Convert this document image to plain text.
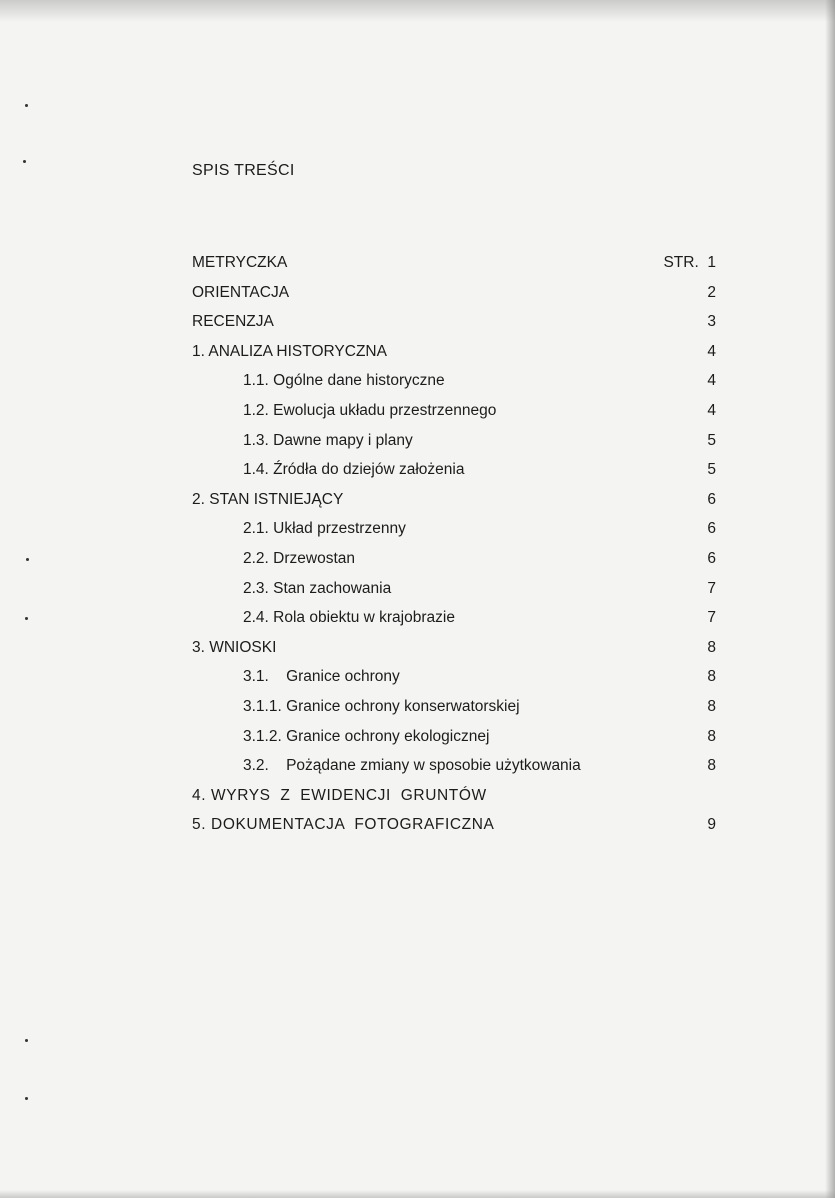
SPIS TREŚCI
METRYCZKA	STR.  1
ORIENTACJA	2
RECENZJA	3
1. ANALIZA HISTORYCZNA	4
1.1. Ogólne dane historyczne	4
1.2. Ewolucja układu przestrzennego	4
1.3. Dawne mapy i plany	5
1.4. Źródła do dziejów założenia	5
2. STAN ISTNIEJĄCY	6
2.1. Układ przestrzenny	6
2.2. Drzewostan	6
2.3. Stan zachowania	7
2.4. Rola obiektu w krajobrazie	7
3. WNIOSKI	8
3.1.    Granice ochrony	8
3.1.1. Granice ochrony konserwatorskiej	8
3.1.2. Granice ochrony ekologicznej	8
3.2.    Pożądane zmiany w sposobie użytkowania	8
4. WYRYS  Z  EWIDENCJI  GRUNTÓW
5. DOKUMENTACJA  FOTOGRAFICZNA	9
